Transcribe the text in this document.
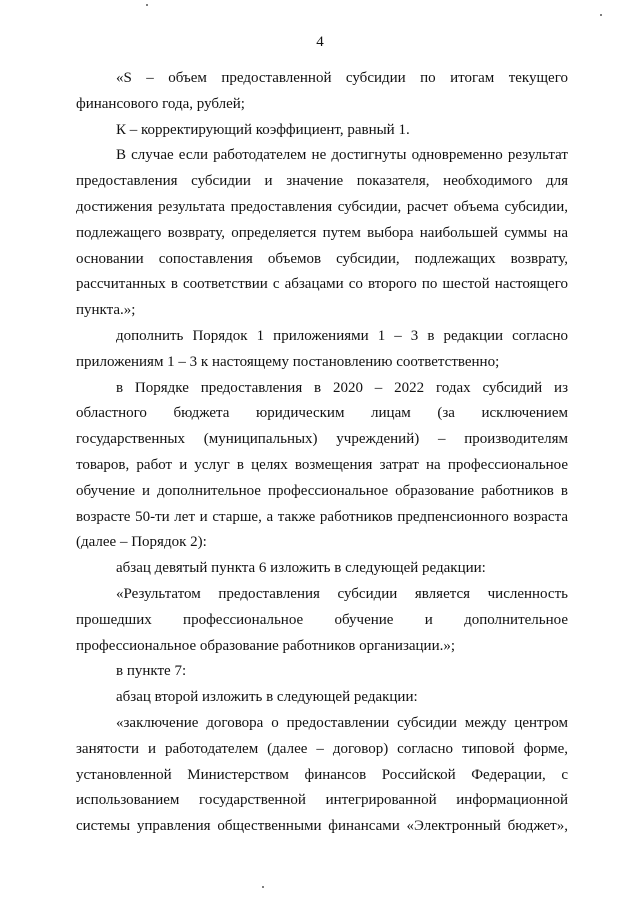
4
«S – объем предоставленной субсидии по итогам текущего
финансового года, рублей;
К – корректирующий коэффициент, равный 1.
В случае если работодателем не достигнуты одновременно результат
предоставления субсидии и значение показателя, необходимого для
достижения результата предоставления субсидии, расчет объема субсидии,
подлежащего возврату, определяется путем выбора наибольшей суммы на
основании сопоставления объемов субсидии, подлежащих возврату,
рассчитанных в соответствии с абзацами со второго по шестой настоящего
пункта.»;
дополнить Порядок 1 приложениями 1 – 3 в редакции согласно
приложениям 1 – 3 к настоящему постановлению соответственно;
в Порядке предоставления в 2020 – 2022 годах субсидий из
областного бюджета юридическим лицам (за исключением
государственных (муниципальных) учреждений) – производителям
товаров, работ и услуг в целях возмещения затрат на профессиональное
обучение и дополнительное профессиональное образование работников в
возрасте 50-ти лет и старше, а также работников предпенсионного возраста
(далее – Порядок 2):
абзац девятый пункта 6 изложить в следующей редакции:
«Результатом предоставления субсидии является численность
прошедших профессиональное обучение и дополнительное
профессиональное образование работников организации.»;
в пункте 7:
абзац второй изложить в следующей редакции:
«заключение договора о предоставлении субсидии между центром
занятости и работодателем (далее – договор) согласно типовой форме,
установленной Министерством финансов Российской Федерации, с
использованием государственной интегрированной информационной
системы управления общественными финансами «Электронный бюджет»,
